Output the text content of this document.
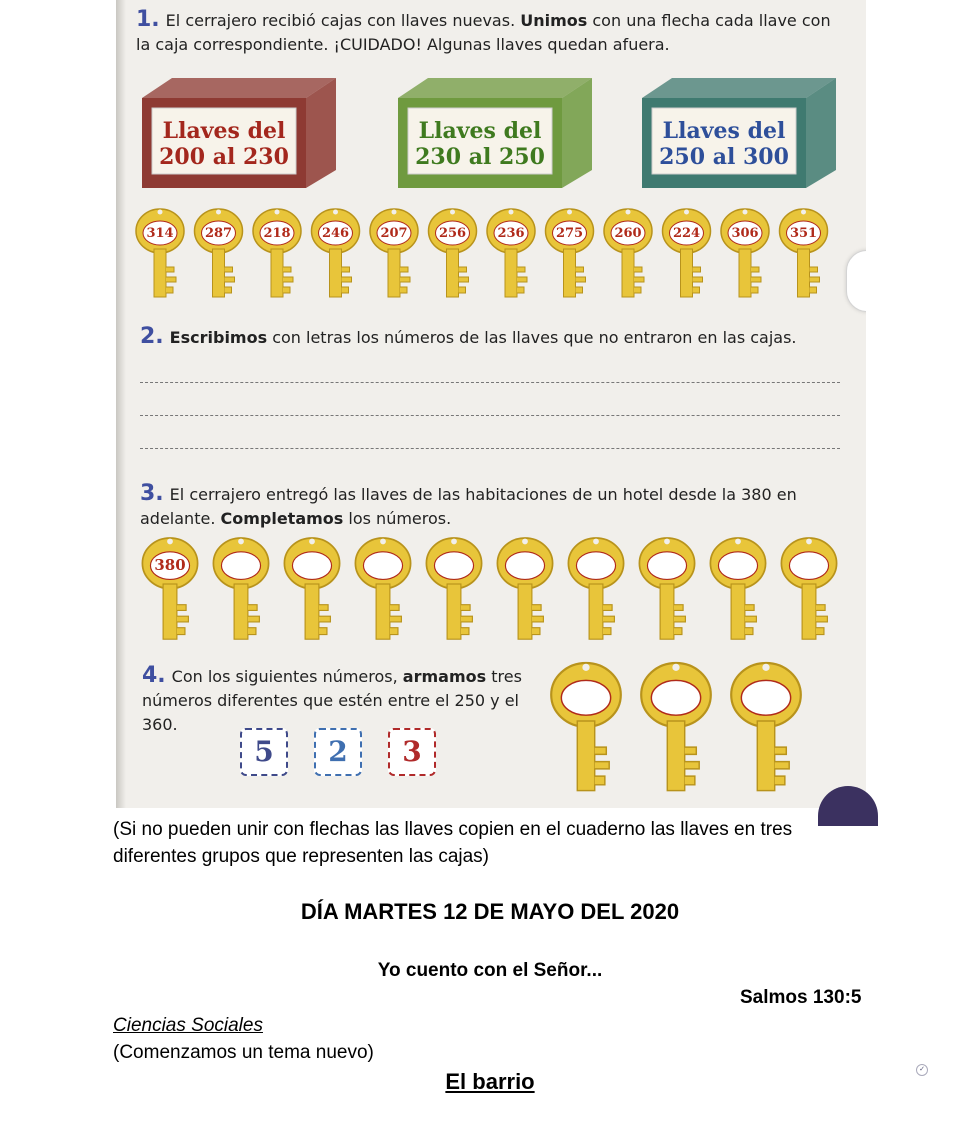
1. El cerrajero recibió cajas con llaves nuevas. Unimos con una flecha cada llave con la caja correspondiente. ¡CUIDADO! Algunas llaves quedan afuera.
Llaves del
200 al 230
Llaves del
230 al 250
Llaves del
250 al 300
314 287 218 246 207 256 236 275 260 224 306 351
2. Escribimos con letras los números de las llaves que no entraron en las cajas.
3. El cerrajero entregó las llaves de las habitaciones de un hotel desde la 380 en adelante. Completamos los números.
380
4. Con los siguientes números, armamos tres números diferentes que estén entre el 250 y el 360.
5	2	3
(Si no pueden unir con flechas las llaves copien en el cuaderno las llaves en tres diferentes grupos que representen las cajas)
DÍA MARTES 12 DE MAYO DEL 2020
Yo cuento con el Señor...
Salmos 130:5
Ciencias Sociales
(Comenzamos un tema nuevo)
El barrio	✓
